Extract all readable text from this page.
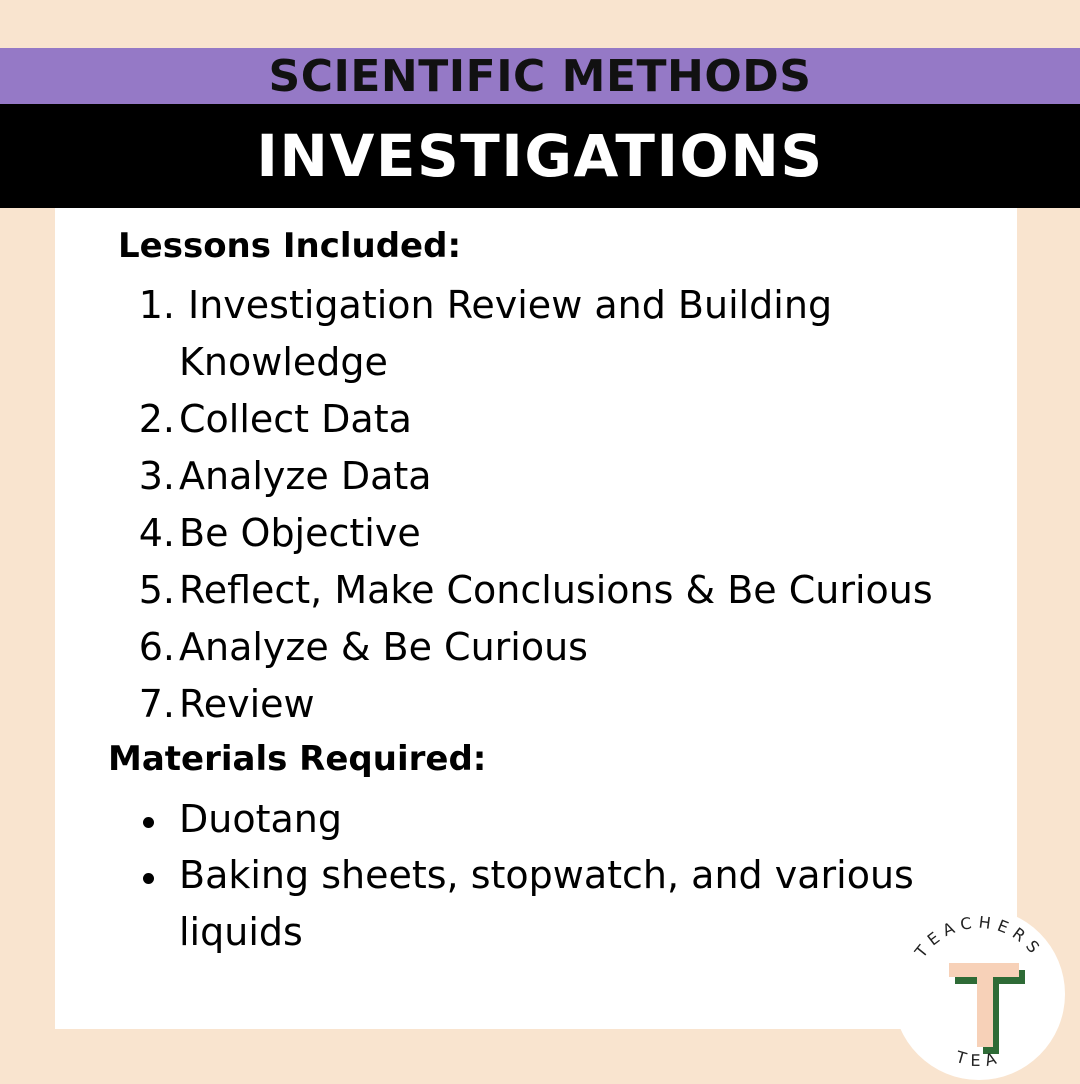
SCIENTIFIC METHODS
INVESTIGATIONS
Lessons Included:
1. Investigation Review and Building
Knowledge
2. Collect Data
3. Analyze Data
4. Be Objective
5. Reflect, Make Conclusions & Be Curious
6. Analyze & Be Curious
7. Review
Materials Required:
Duotang
Baking sheets, stopwatch, and various
liquids	TEACHERS
TEA
